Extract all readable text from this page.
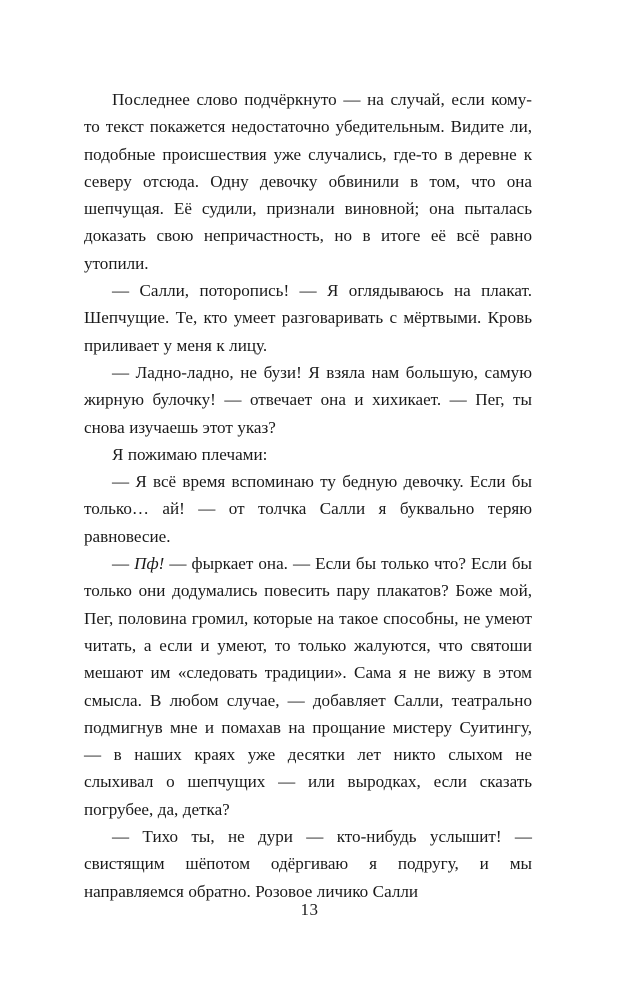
Последнее слово подчёркнуто — на случай, если кому-то текст покажется недостаточно убедительным. Видите ли, подобные происшествия уже случались, где-то в деревне к северу отсюда. Одну девочку обвинили в том, что она шепчущая. Её судили, признали виновной; она пыталась доказать свою непричастность, но в итоге её всё равно утопили.

— Салли, поторопись! — Я оглядываюсь на плакат. Шепчущие. Те, кто умеет разговаривать с мёртвыми. Кровь приливает у меня к лицу.

— Ладно-ладно, не бузи! Я взяла нам большую, самую жирную булочку! — отвечает она и хихикает. — Пег, ты снова изучаешь этот указ?

Я пожимаю плечами:

— Я всё время вспоминаю ту бедную девочку. Если бы только… ай! — от толчка Салли я буквально теряю равновесие.

— Пф! — фыркает она. — Если бы только что? Если бы только они додумались повесить пару плакатов? Боже мой, Пег, половина громил, которые на такое способны, не умеют читать, а если и умеют, то только жалуются, что святоши мешают им «следовать традиции». Сама я не вижу в этом смысла. В любом случае, — добавляет Салли, театрально подмигнув мне и помахав на прощание мистеру Суитингу, — в наших краях уже десятки лет никто слыхом не слыхивал о шепчущих — или выродках, если сказать погрубее, да, детка?

— Тихо ты, не дури — кто-нибудь услышит! — свистящим шёпотом одёргиваю я подругу, и мы направляемся обратно. Розовое личико Салли

13
